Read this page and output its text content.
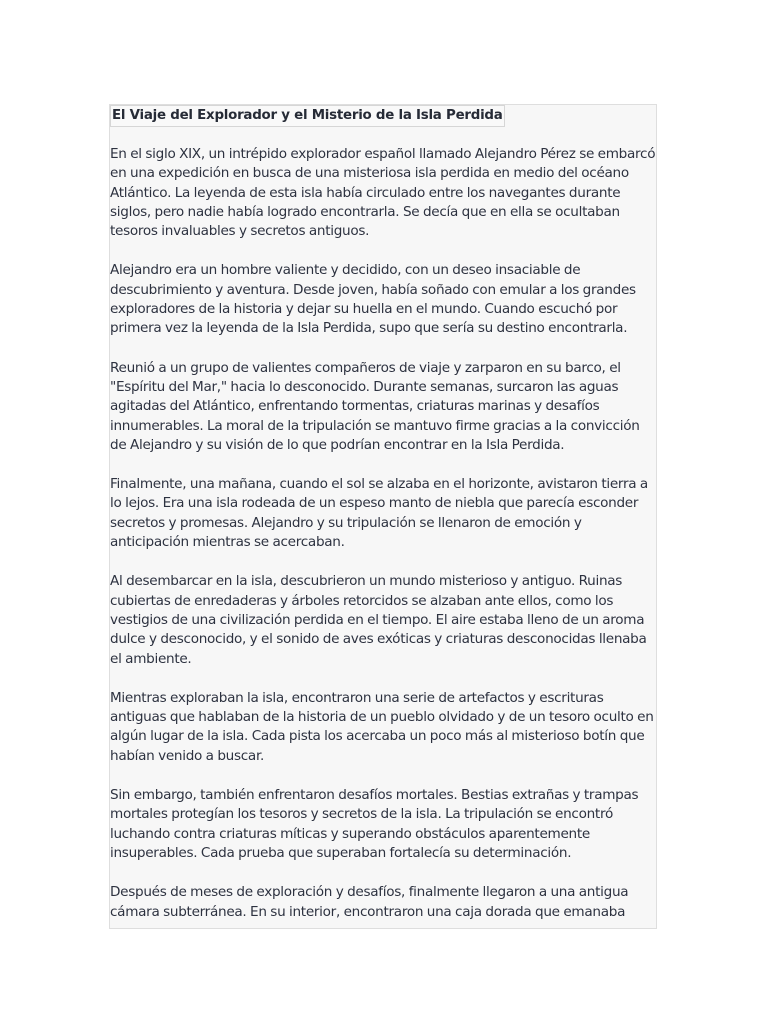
El Viaje del Explorador y el Misterio de la Isla Perdida

En el siglo XIX, un intrépido explorador español llamado Alejandro Pérez se embarcó en una expedición en busca de una misteriosa isla perdida en medio del océano Atlántico. La leyenda de esta isla había circulado entre los navegantes durante siglos, pero nadie había logrado encontrarla. Se decía que en ella se ocultaban tesoros invaluables y secretos antiguos.

Alejandro era un hombre valiente y decidido, con un deseo insaciable de descubrimiento y aventura. Desde joven, había soñado con emular a los grandes exploradores de la historia y dejar su huella en el mundo. Cuando escuchó por primera vez la leyenda de la Isla Perdida, supo que sería su destino encontrarla.

Reunió a un grupo de valientes compañeros de viaje y zarparon en su barco, el "Espíritu del Mar," hacia lo desconocido. Durante semanas, surcaron las aguas agitadas del Atlántico, enfrentando tormentas, criaturas marinas y desafíos innumerables. La moral de la tripulación se mantuvo firme gracias a la convicción de Alejandro y su visión de lo que podrían encontrar en la Isla Perdida.

Finalmente, una mañana, cuando el sol se alzaba en el horizonte, avistaron tierra a lo lejos. Era una isla rodeada de un espeso manto de niebla que parecía esconder secretos y promesas. Alejandro y su tripulación se llenaron de emoción y anticipación mientras se acercaban.

Al desembarcar en la isla, descubrieron un mundo misterioso y antiguo. Ruinas cubiertas de enredaderas y árboles retorcidos se alzaban ante ellos, como los vestigios de una civilización perdida en el tiempo. El aire estaba lleno de un aroma dulce y desconocido, y el sonido de aves exóticas y criaturas desconocidas llenaba el ambiente.

Mientras exploraban la isla, encontraron una serie de artefactos y escrituras antiguas que hablaban de la historia de un pueblo olvidado y de un tesoro oculto en algún lugar de la isla. Cada pista los acercaba un poco más al misterioso botín que habían venido a buscar.

Sin embargo, también enfrentaron desafíos mortales. Bestias extrañas y trampas mortales protegían los tesoros y secretos de la isla. La tripulación se encontró luchando contra criaturas míticas y superando obstáculos aparentemente insuperables. Cada prueba que superaban fortalecía su determinación.

Después de meses de exploración y desafíos, finalmente llegaron a una antigua cámara subterránea. En su interior, encontraron una caja dorada que emanaba
